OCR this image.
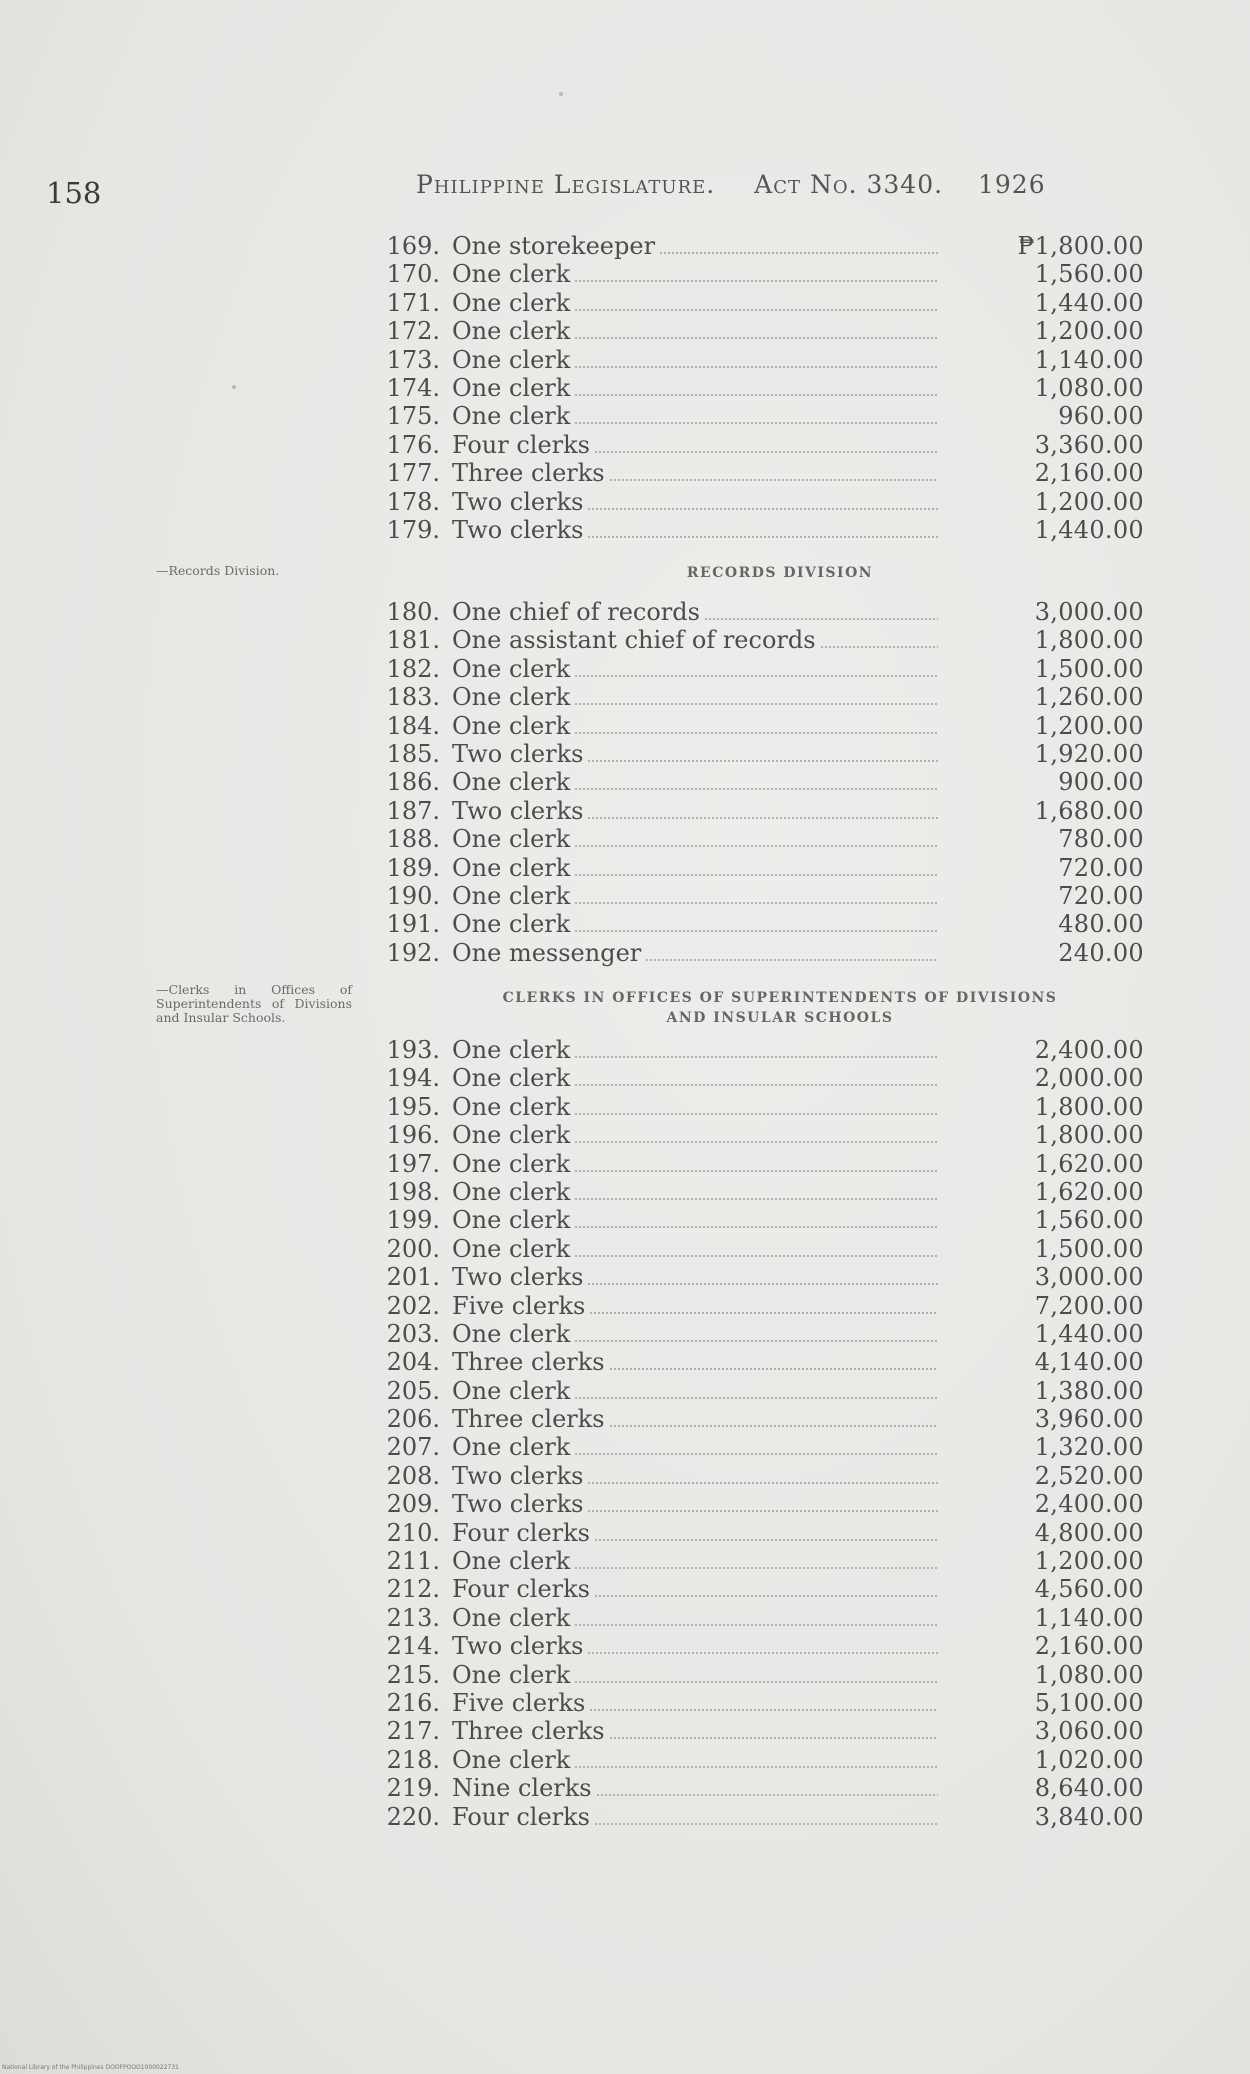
158	Philippine Legislature. Act No. 3340. 1926
169. One storekeeper	₱1,800.00
170. One clerk	1,560.00
171. One clerk	1,440.00
172. One clerk	1,200.00
173. One clerk	1,140.00
174. One clerk	1,080.00
175. One clerk	960.00
176. Four clerks	3,360.00
177. Three clerks	2,160.00
178. Two clerks	1,200.00
179. Two clerks	1,440.00
—Records Division.	RECORDS DIVISION
180. One chief of records	3,000.00
181. One assistant chief of records	1,800.00
182. One clerk	1,500.00
183. One clerk	1,260.00
184. One clerk	1,200.00
185. Two clerks	1,920.00
186. One clerk	900.00
187. Two clerks	1,680.00
188. One clerk	780.00
189. One clerk	720.00
190. One clerk	720.00
191. One clerk	480.00
192. One messenger	240.00
—Clerks in Offices of Superintendents of Divisions and Insular Schools.
CLERKS IN OFFICES OF SUPERINTENDENTS OF DIVISIONS
AND INSULAR SCHOOLS
193. One clerk	2,400.00
194. One clerk	2,000.00
195. One clerk	1,800.00
196. One clerk	1,800.00
197. One clerk	1,620.00
198. One clerk	1,620.00
199. One clerk	1,560.00
200. One clerk	1,500.00
201. Two clerks	3,000.00
202. Five clerks	7,200.00
203. One clerk	1,440.00
204. Three clerks	4,140.00
205. One clerk	1,380.00
206. Three clerks	3,960.00
207. One clerk	1,320.00
208. Two clerks	2,520.00
209. Two clerks	2,400.00
210. Four clerks	4,800.00
211. One clerk	1,200.00
212. Four clerks	4,560.00
213. One clerk	1,140.00
214. Two clerks	2,160.00
215. One clerk	1,080.00
216. Five clerks	5,100.00
217. Three clerks	3,060.00
218. One clerk	1,020.00
219. Nine clerks	8,640.00
220. Four clerks	3,840.00
National Library of the Philippines DOOFPOOO1000022731
